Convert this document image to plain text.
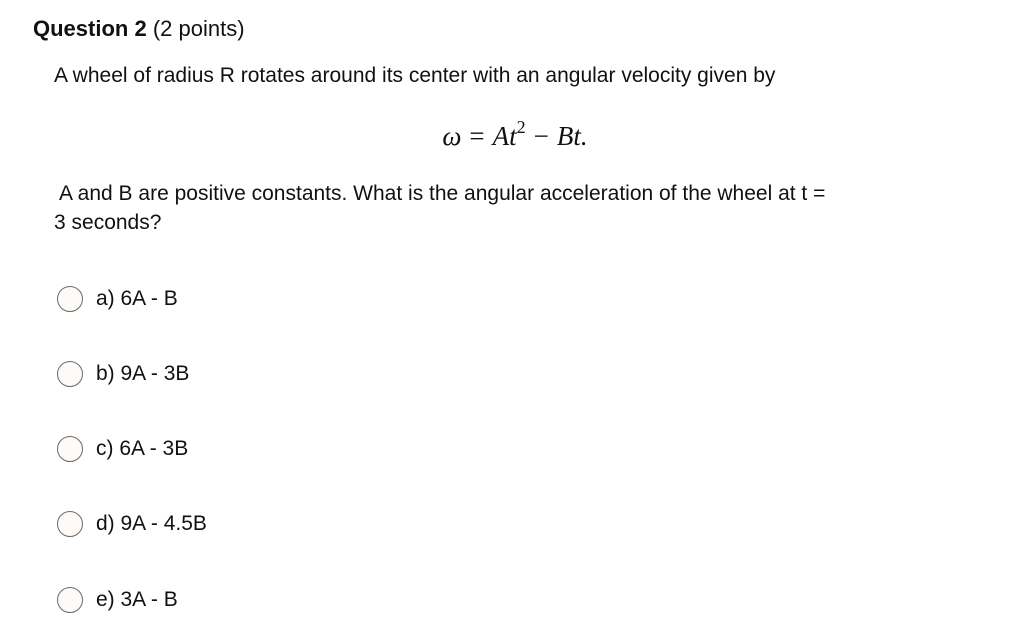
Question 2 (2 points)
A wheel of radius R rotates around its center with an angular velocity given by
$\omega = At^2 - Bt$.
A and B are positive constants. What is the angular acceleration of the wheel at t =
3 seconds?
a) 6A - B
b) 9A - 3B
c) 6A - 3B
d) 9A - 4.5B
e) 3A - B
